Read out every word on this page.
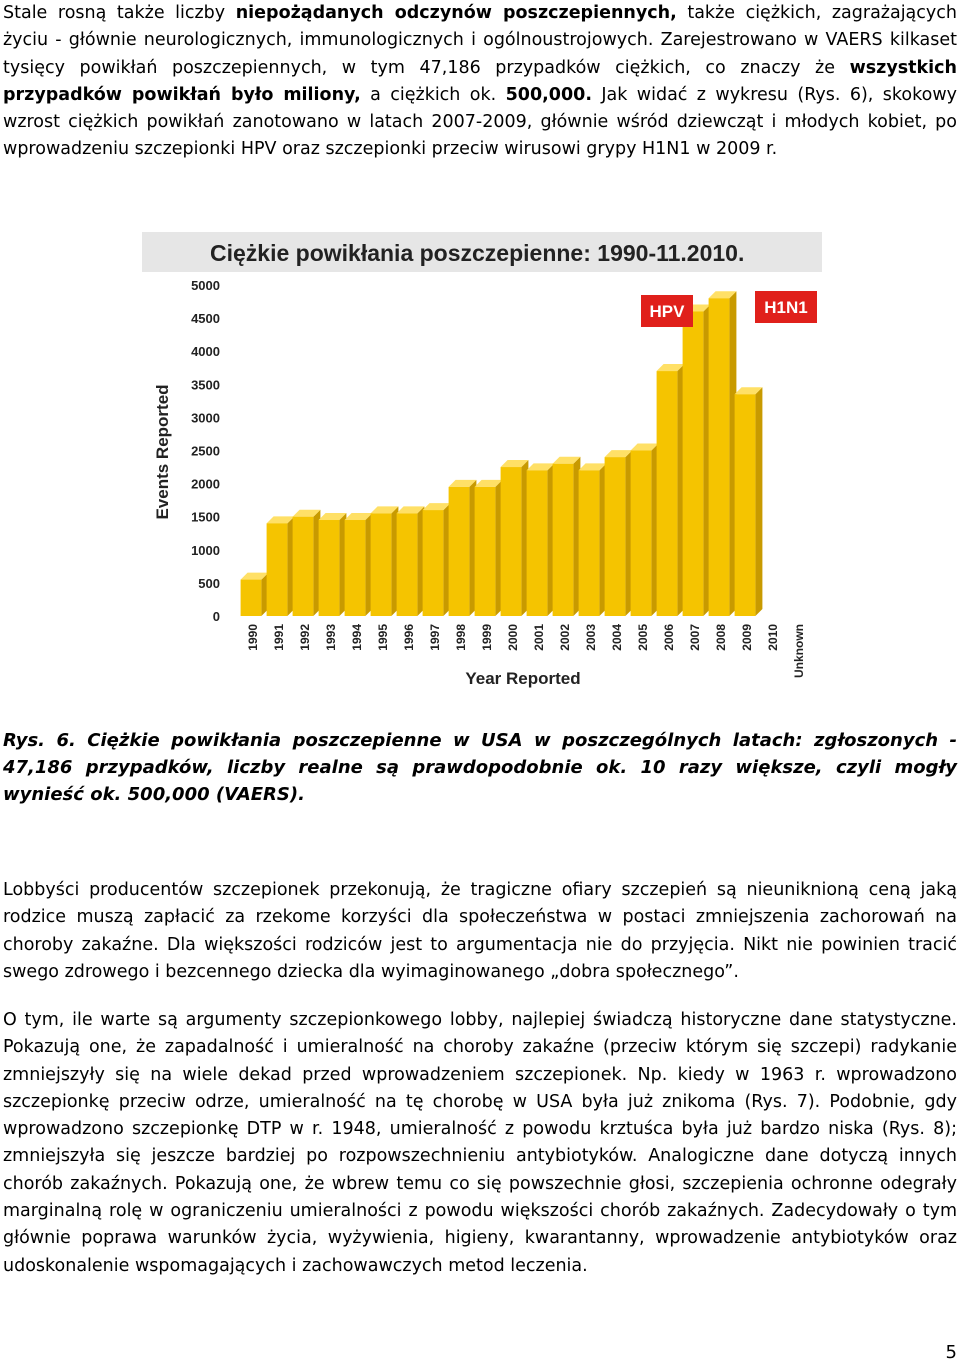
Stale rosną także liczby niepożądanych odczynów poszczepiennych, także ciężkich, zagrażających życiu - głównie neurologicznych, immunologicznych i ogólnoustrojowych. Zarejestrowano w VAERS kilkaset tysięcy powikłań poszczepiennych, w tym 47,186 przypadków ciężkich, co znaczy że wszystkich przypadków powikłań było miliony, a ciężkich ok. 500,000. Jak widać z wykresu (Rys. 6), skokowy wzrost ciężkich powikłań zanotowano w latach 2007-2009, głównie wśród dziewcząt i młodych kobiet, po wprowadzeniu szczepionki HPV oraz szczepionki przeciw wirusowi grypy H1N1 w 2009 r.

Ciężkie powikłania poszczepienne: 1990-11.2010.
0
500
1000
1500
2000
2500
3000
3500
4000
4500
5000
1990 1991 1992 1993 1994 1995 1996 1997 1998 1999 2000 2001 2002 2003 2004 2005 2006 2007 2008 2009 2010 Unknown
HPV	H1N1
Events Reported
Year Reported

Rys. 6. Ciężkie powikłania poszczepienne w USA w poszczególnych latach: zgłoszonych - 47,186 przypadków, liczby realne są prawdopodobnie ok. 10 razy większe, czyli mogły wynieść ok. 500,000 (VAERS).

Lobbyści producentów szczepionek przekonują, że tragiczne ofiary szczepień są nieuniknioną ceną jaką rodzice muszą zapłacić za rzekome korzyści dla społeczeństwa w postaci zmniejszenia zachorowań na choroby zakaźne. Dla większości rodziców jest to argumentacja nie do przyjęcia. Nikt nie powinien tracić swego zdrowego i bezcennego dziecka dla wyimaginowanego „dobra społecznego”.

O tym, ile warte są argumenty szczepionkowego lobby, najlepiej świadczą historyczne dane statystyczne. Pokazują one, że zapadalność i umieralność na choroby zakaźne (przeciw którym się szczepi) radykanie zmniejszyły się na wiele dekad przed wprowadzeniem szczepionek. Np. kiedy w 1963 r. wprowadzono szczepionkę przeciw odrze, umieralność na tę chorobę w USA była już znikoma (Rys. 7). Podobnie, gdy wprowadzono szczepionkę DTP w r. 1948, umieralność z powodu krztuśca była już bardzo niska (Rys. 8); zmniejszyła się jeszcze bardziej po rozpowszechnieniu antybiotyków. Analogiczne dane dotyczą innych chorób zakaźnych. Pokazują one, że wbrew temu co się powszechnie głosi, szczepienia ochronne odegrały marginalną rolę w ograniczeniu umieralności z powodu większości chorób zakaźnych. Zadecydowały o tym głównie poprawa warunków życia, wyżywienia, higieny, kwarantanny, wprowadzenie antybiotyków oraz udoskonalenie wspomagających i zachowawczych metod leczenia.

5
